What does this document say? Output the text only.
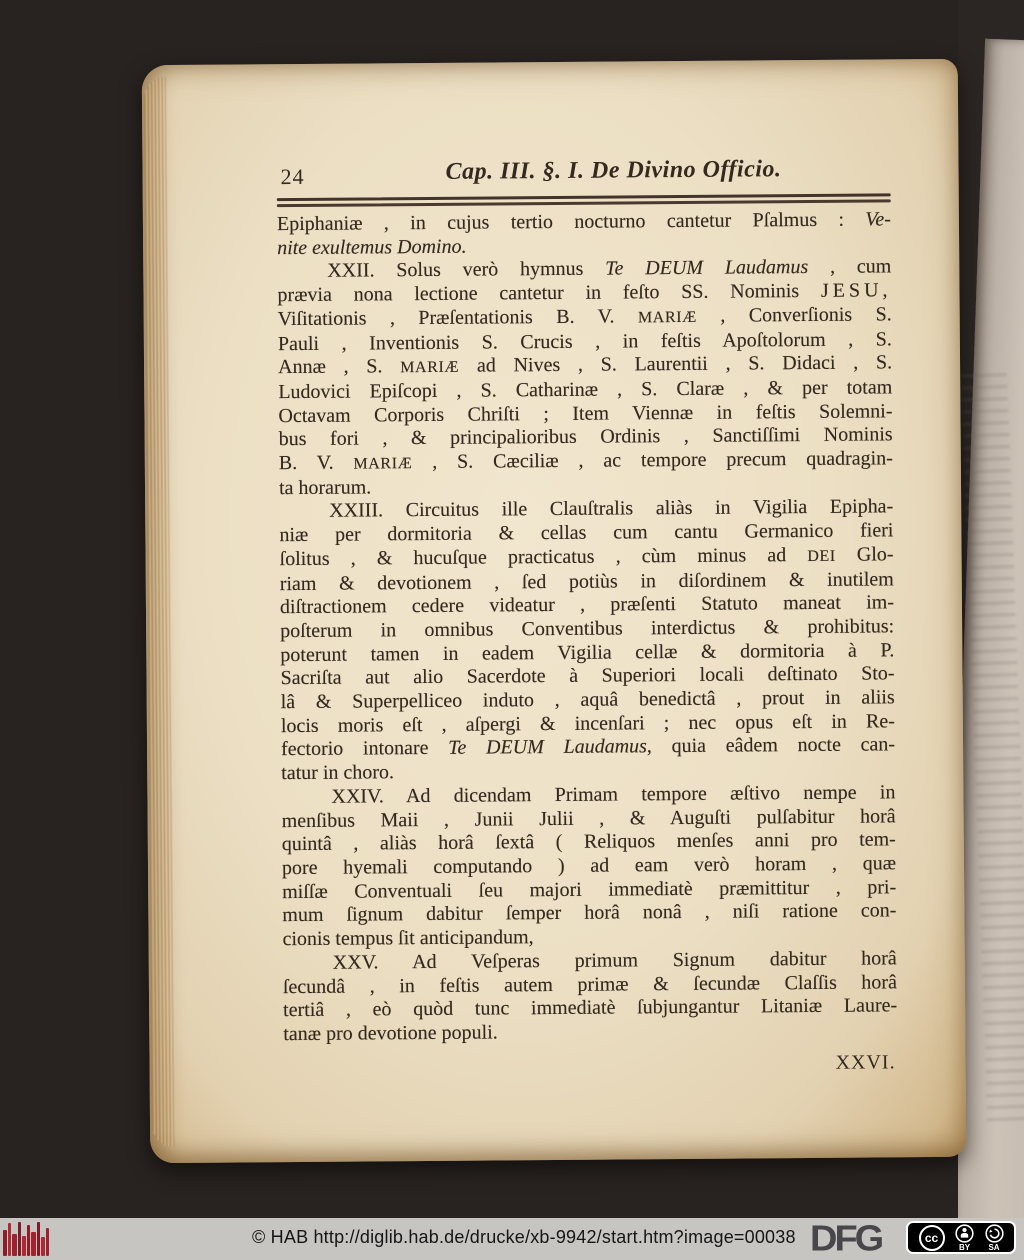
24	Cap. III. §. I. De Divino Officio.
Epiphaniæ , in cujus tertio nocturno cantetur Pſalmus : Ve-
nite exultemus Domino.
XXII. Solus verò hymnus Te DEUM Laudamus , cum
prævia nona lectione cantetur in feſto SS. Nominis JESU,
Viſitationis , Præſentationis B. V. MARIÆ , Converſionis S.
Pauli , Inventionis S. Crucis , in feſtis Apoſtolorum , S.
Annæ , S. MARIÆ ad Nives , S. Laurentii , S. Didaci , S.
Ludovici Epiſcopi , S. Catharinæ , S. Claræ , & per totam
Octavam Corporis Chriſti ; Item Viennæ in feſtis Solemni-
bus fori , & principalioribus Ordinis , Sanctiſſimi Nominis
B. V. MARIÆ , S. Cæciliæ , ac tempore precum quadragin-
ta horarum.
XXIII. Circuitus ille Clauſtralis aliàs in Vigilia Epipha-
niæ per dormitoria & cellas cum cantu Germanico fieri
ſolitus , & hucuſque practicatus , cùm minus ad DEI Glo-
riam & devotionem , ſed potiùs in diſordinem & inutilem
diſtractionem cedere videatur , præſenti Statuto maneat im-
poſterum in omnibus Conventibus interdictus & prohibitus:
poterunt tamen in eadem Vigilia cellæ & dormitoria à P.
Sacriſta aut alio Sacerdote à Superiori locali deſtinato Sto-
lâ & Superpelliceo induto , aquâ benedictâ , prout in aliis
locis moris eſt , aſpergi & incenſari ; nec opus eſt in Re-
fectorio intonare Te DEUM Laudamus, quia eâdem nocte can-
tatur in choro.
XXIV. Ad dicendam Primam tempore æſtivo nempe in
menſibus Maii , Junii Julii , & Auguſti pulſabitur horâ
quintâ , aliàs horâ ſextâ ( Reliquos menſes anni pro tem-
pore hyemali computando ) ad eam verò horam , quæ
miſſæ Conventuali ſeu majori immediatè præmittitur , pri-
mum ſignum dabitur ſemper horâ nonâ , niſi ratione con-
cionis tempus ſit anticipandum,
XXV. Ad Veſperas primum Signum dabitur horâ
ſecundâ , in feſtis autem primæ & ſecundæ Claſſis horâ
tertiâ , eò quòd tunc immediatè ſubjungantur Litaniæ Laure-
tanæ pro devotione populi.
XXVI.
© HAB http://diglib.hab.de/drucke/xb-9942/start.htm?image=00038 DFG	cc
BY SA
